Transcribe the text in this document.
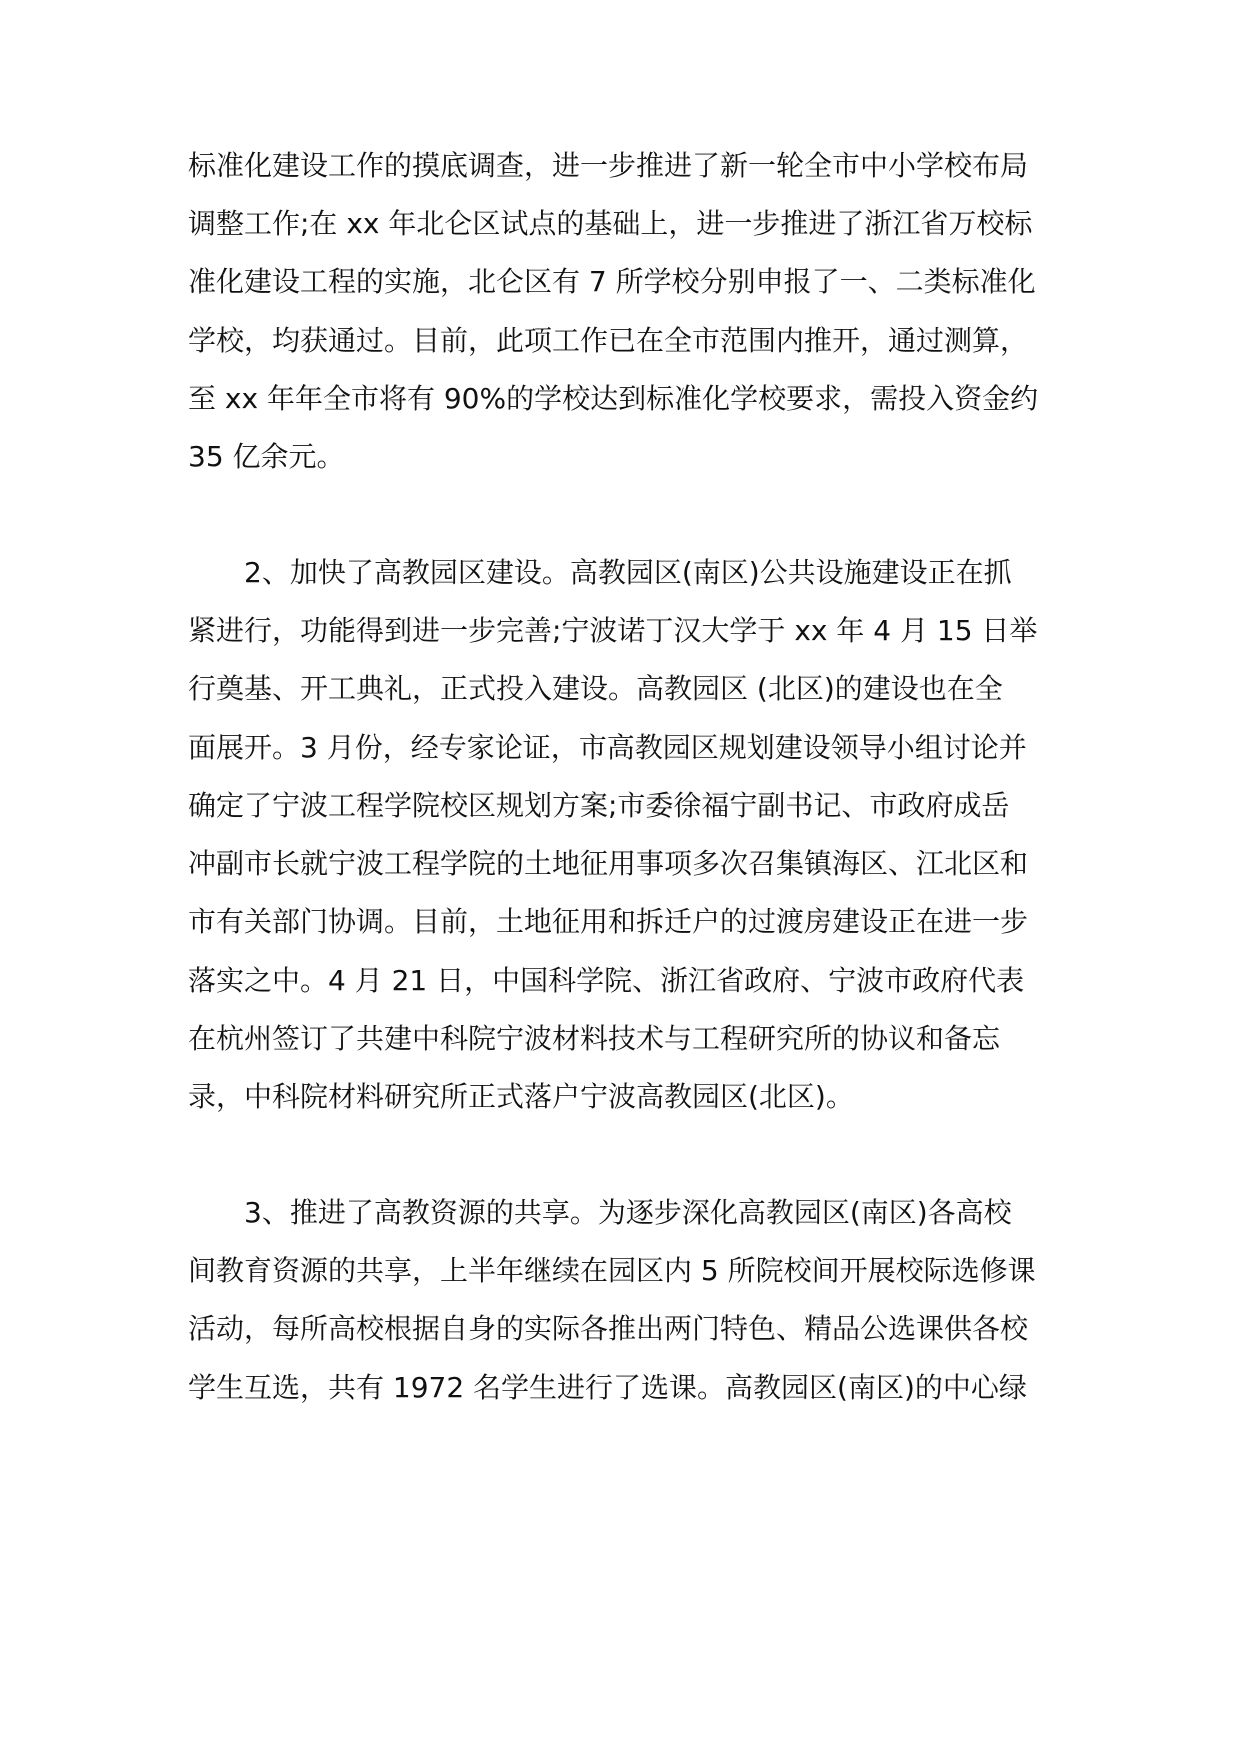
标准化建设工作的摸底调查，进一步推进了新一轮全市中小学校布局
调整工作;在 xx 年北仑区试点的基础上，进一步推进了浙江省万校标
准化建设工程的实施，北仑区有 7 所学校分别申报了一、二类标准化
学校，均获通过。目前，此项工作已在全市范围内推开，通过测算，
至 xx 年年全市将有 90%的学校达到标准化学校要求，需投入资金约
35 亿余元。
2、加快了高教园区建设。高教园区(南区)公共设施建设正在抓
紧进行，功能得到进一步完善;宁波诺丁汉大学于 xx 年 4 月 15 日举
行奠基、开工典礼，正式投入建设。高教园区 (北区)的建设也在全
面展开。3 月份，经专家论证，市高教园区规划建设领导小组讨论并
确定了宁波工程学院校区规划方案;市委徐福宁副书记、市政府成岳
冲副市长就宁波工程学院的土地征用事项多次召集镇海区、江北区和
市有关部门协调。目前，土地征用和拆迁户的过渡房建设正在进一步
落实之中。4 月 21 日，中国科学院、浙江省政府、宁波市政府代表
在杭州签订了共建中科院宁波材料技术与工程研究所的协议和备忘
录，中科院材料研究所正式落户宁波高教园区(北区)。
3、推进了高教资源的共享。为逐步深化高教园区(南区)各高校
间教育资源的共享，上半年继续在园区内 5 所院校间开展校际选修课
活动，每所高校根据自身的实际各推出两门特色、精品公选课供各校
学生互选，共有 1972 名学生进行了选课。高教园区(南区)的中心绿
